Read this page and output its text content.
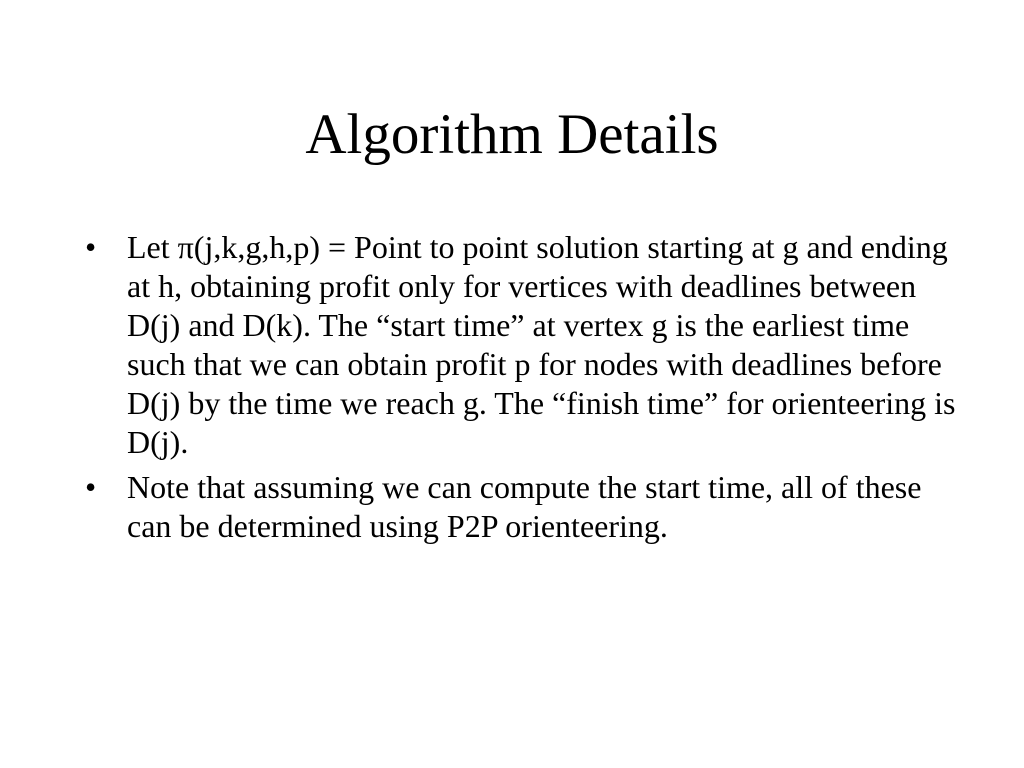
Algorithm Details
• Let π(j,k,g,h,p) = Point to point solution starting at g and ending at h, obtaining profit only for vertices with deadlines between D(j) and D(k). The “start time” at vertex g is the earliest time such that we can obtain profit p for nodes with deadlines before D(j) by the time we reach g. The “finish time” for orienteering is D(j).
• Note that assuming we can compute the start time, all of these can be determined using P2P orienteering.
